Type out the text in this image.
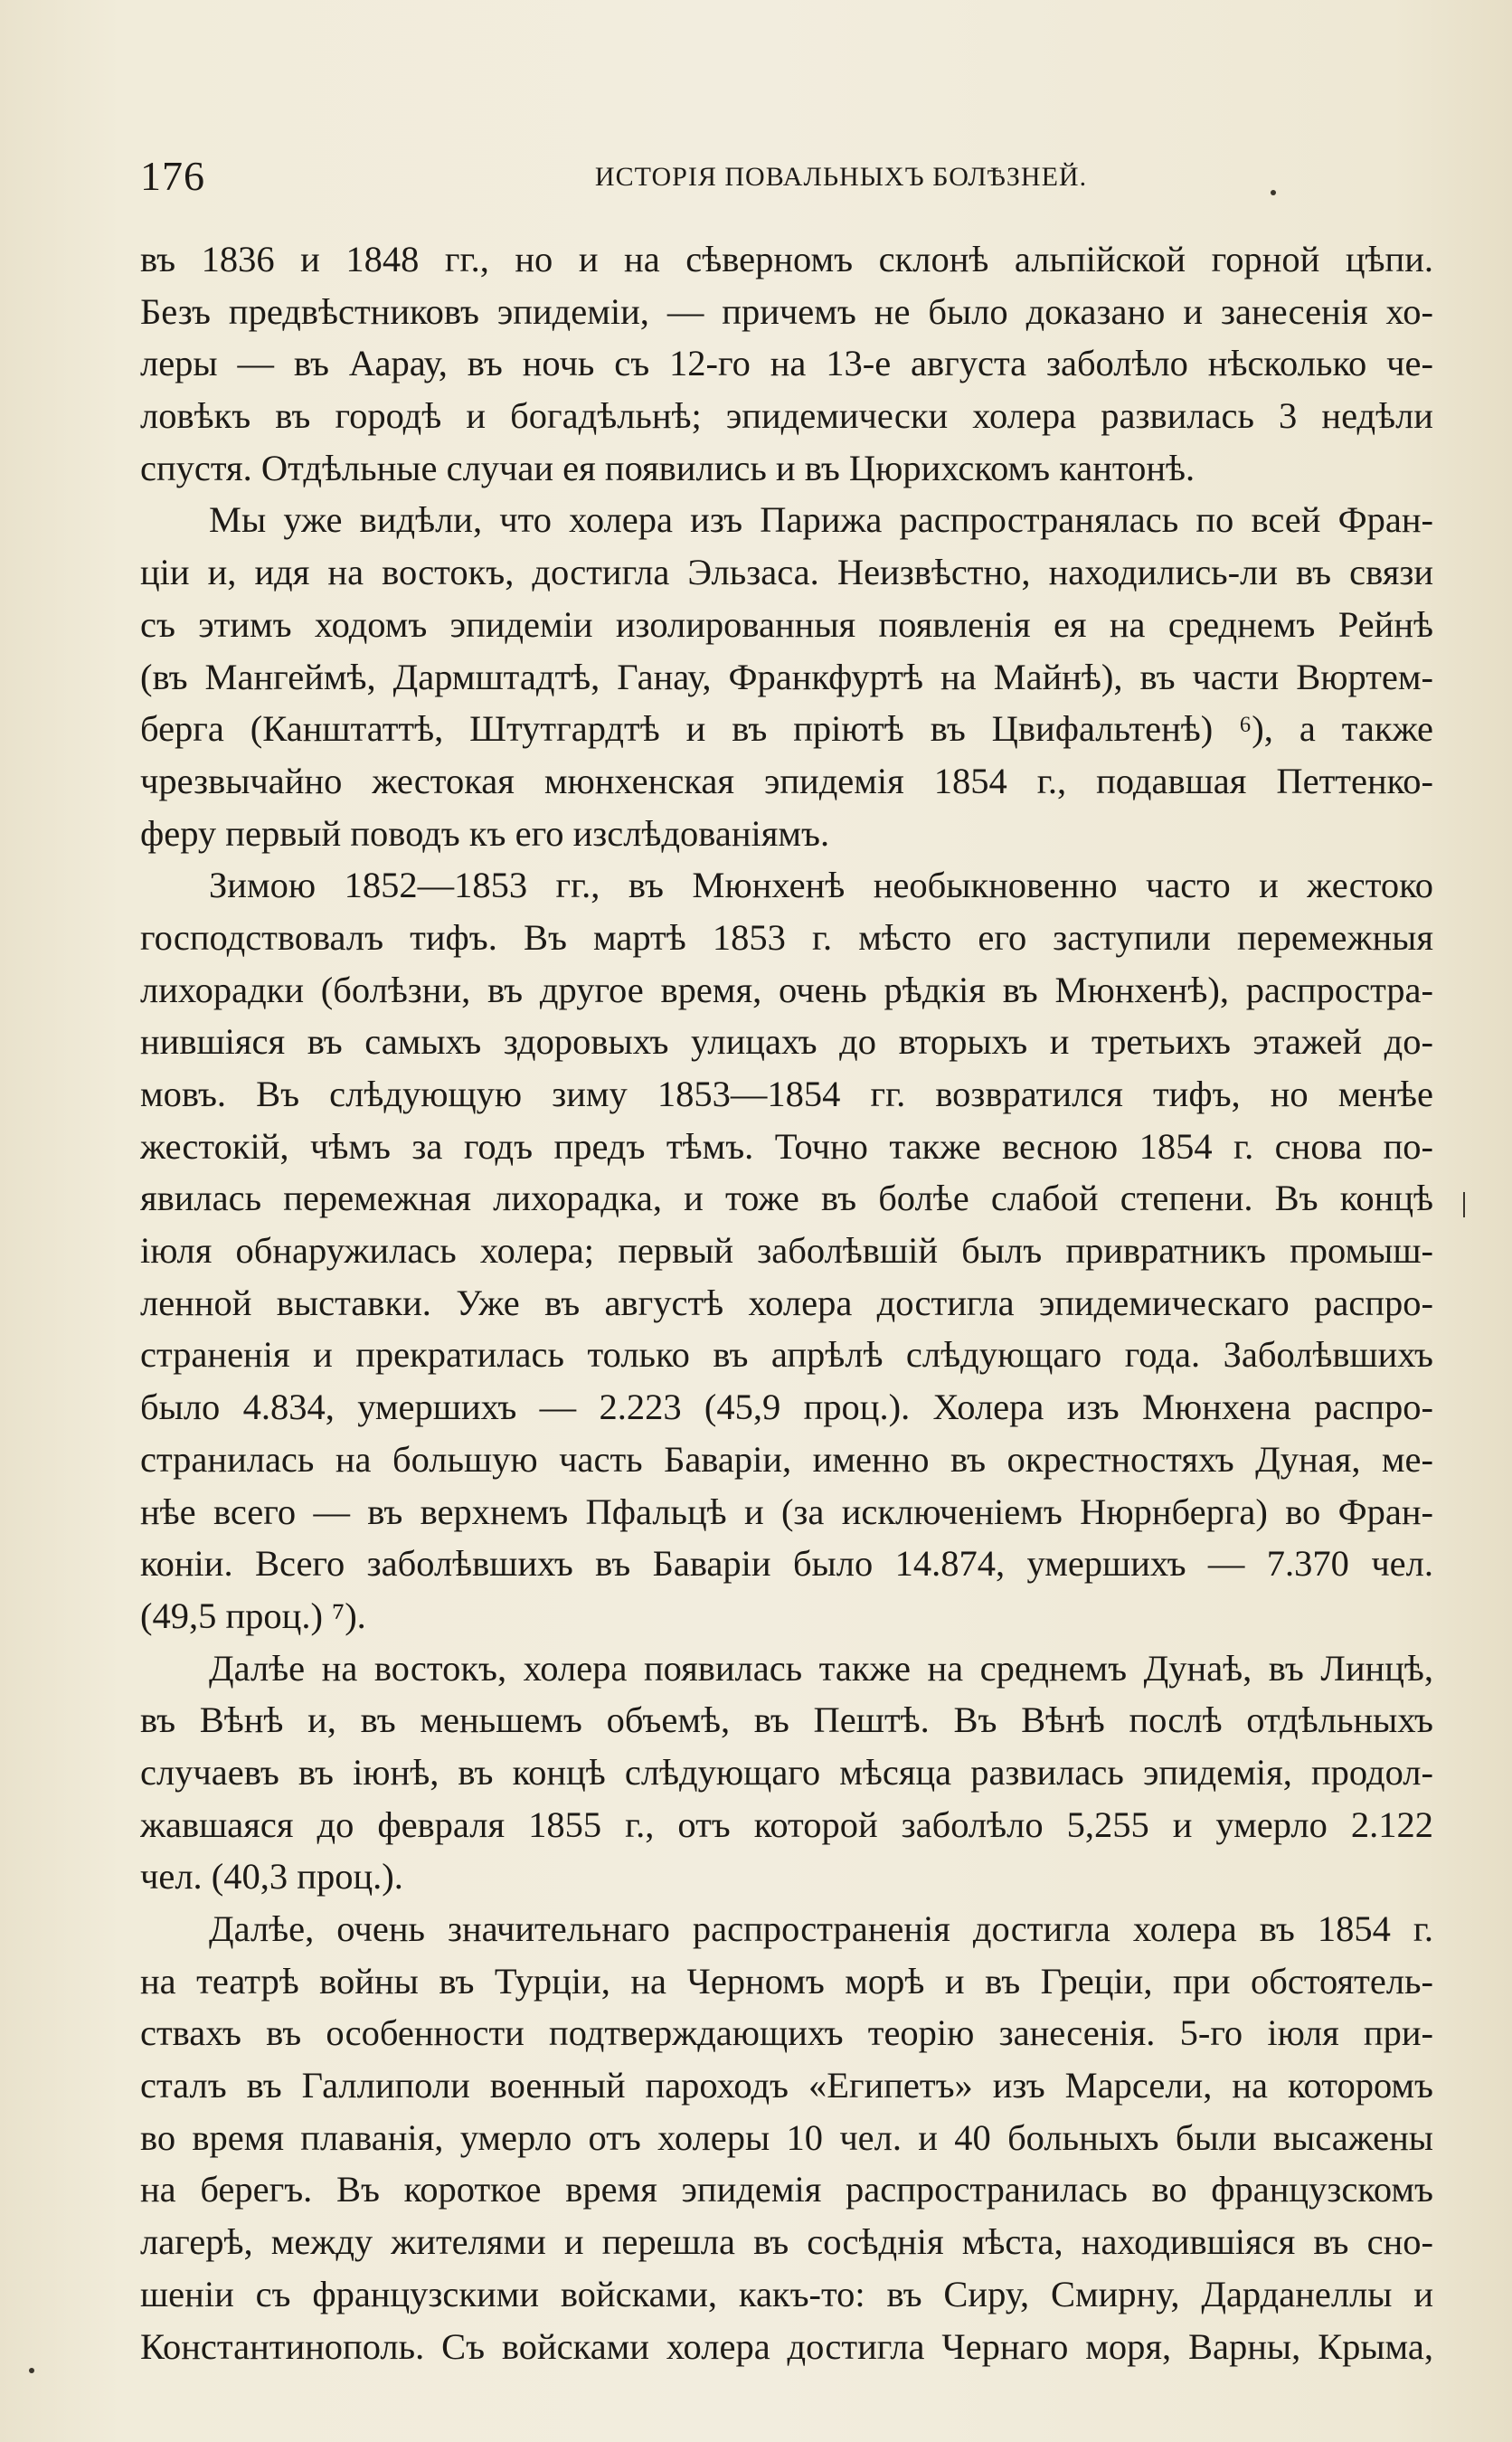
176	ИСТОРІЯ ПОВАЛЬНЫХЪ БОЛѢЗНЕЙ.
въ 1836 и 1848 гг., но и на сѣверномъ склонѣ альпійской горной цѣпи.
Безъ предвѣстниковъ эпидеміи, — причемъ не было доказано и занесенія хо-
леры — въ Аарау, въ ночь съ 12-го на 13-е августа заболѣло нѣсколько че-
ловѣкъ въ городѣ и богадѣльнѣ; эпидемически холера развилась 3 недѣли
спустя. Отдѣльные случаи ея появились и въ Цюрихскомъ кантонѣ.
Мы уже видѣли, что холера изъ Парижа распространялась по всей Фран-
ціи и, идя на востокъ, достигла Эльзаса. Неизвѣстно, находились-ли въ связи
съ этимъ ходомъ эпидеміи изолированныя появленія ея на среднемъ Рейнѣ
(въ Мангеймѣ, Дармштадтѣ, Ганау, Франкфуртѣ на Майнѣ), въ части Вюртем-
берга (Канштаттѣ, Штутгардтѣ и въ пріютѣ въ Цвифальтенѣ) ⁶), а также
чрезвычайно жестокая мюнхенская эпидемія 1854 г., подавшая Петтенко-
феру первый поводъ къ его изслѣдованіямъ.
Зимою 1852—1853 гг., въ Мюнхенѣ необыкновенно часто и жестоко
господствовалъ тифъ. Въ мартѣ 1853 г. мѣсто его заступили перемежныя
лихорадки (болѣзни, въ другое время, очень рѣдкія въ Мюнхенѣ), распростра-
нившіяся въ самыхъ здоровыхъ улицахъ до вторыхъ и третьихъ этажей до-
мовъ. Въ слѣдующую зиму 1853—1854 гг. возвратился тифъ, но менѣе
жестокій, чѣмъ за годъ предъ тѣмъ. Точно также весною 1854 г. снова по-
явилась перемежная лихорадка, и тоже въ болѣе слабой степени. Въ концѣ
іюля обнаружилась холера; первый заболѣвшій былъ привратникъ промыш-
ленной выставки. Уже въ августѣ холера достигла эпидемическаго распро-
страненія и прекратилась только въ апрѣлѣ слѣдующаго года. Заболѣвшихъ
было 4.834, умершихъ — 2.223 (45,9 проц.). Холера изъ Мюнхена распро-
странилась на большую часть Баваріи, именно въ окрестностяхъ Дуная, ме-
нѣе всего — въ верхнемъ Пфальцѣ и (за исключеніемъ Нюрнберга) во Фран-
коніи. Всего заболѣвшихъ въ Баваріи было 14.874, умершихъ — 7.370 чел.
(49,5 проц.) ⁷).
Далѣе на востокъ, холера появилась также на среднемъ Дунаѣ, въ Линцѣ,
въ Вѣнѣ и, въ меньшемъ объемѣ, въ Пештѣ. Въ Вѣнѣ послѣ отдѣльныхъ
случаевъ въ іюнѣ, въ концѣ слѣдующаго мѣсяца развилась эпидемія, продол-
жавшаяся до февраля 1855 г., отъ которой заболѣло 5,255 и умерло 2.122
чел. (40,3 проц.).
Далѣе, очень значительнаго распространенія достигла холера въ 1854 г.
на театрѣ войны въ Турціи, на Черномъ морѣ и въ Греціи, при обстоятель-
ствахъ въ особенности подтверждающихъ теорію занесенія. 5-го іюля при-
сталъ въ Галлиполи военный пароходъ «Египетъ» изъ Марсели, на которомъ
во время плаванія, умерло отъ холеры 10 чел. и 40 больныхъ были высажены
на берегъ. Въ короткое время эпидемія распространилась во французскомъ
лагерѣ, между жителями и перешла въ сосѣднія мѣста, находившіяся въ сно-
шеніи съ французскими войсками, какъ-то: въ Сиру, Смирну, Дарданеллы и
Константинополь. Съ войсками холера достигла Чернаго моря, Варны, Крыма,
